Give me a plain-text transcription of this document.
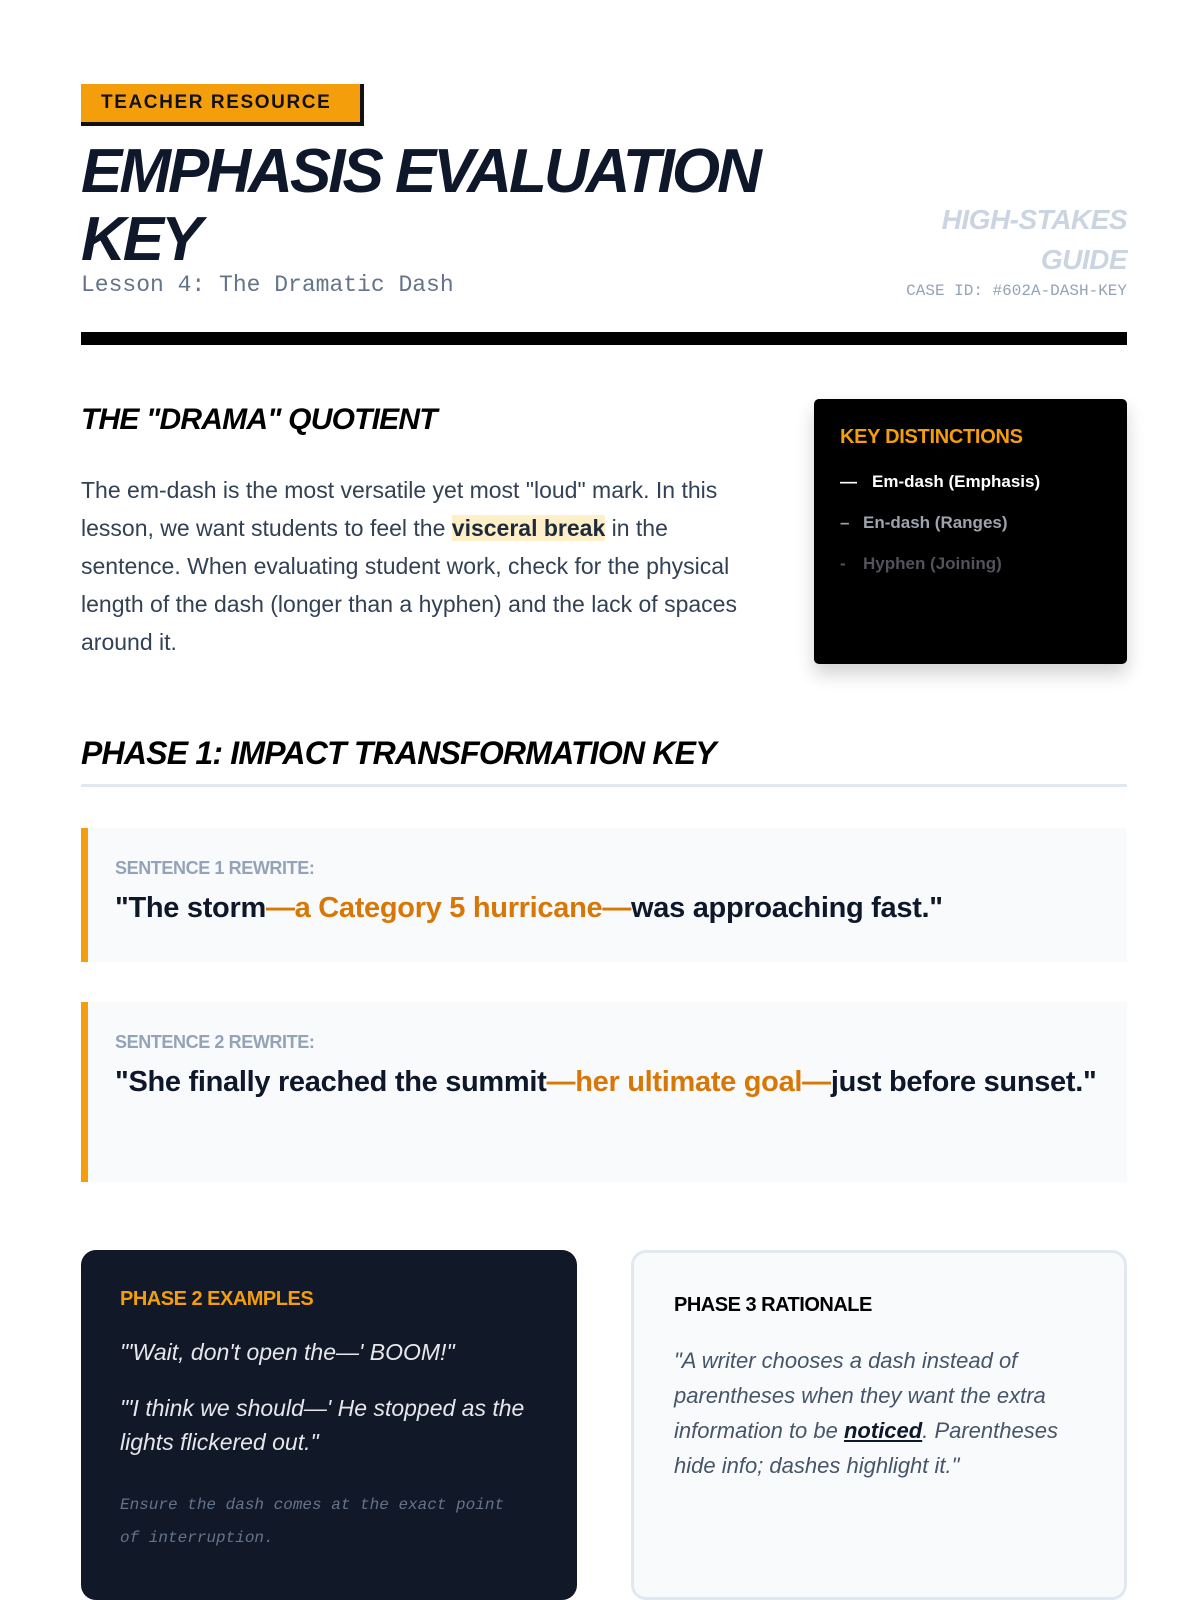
TEACHER RESOURCE
EMPHASIS EVALUATION KEY
Lesson 4: The Dramatic Dash
HIGH-STAKES GUIDE
CASE ID: #602A-DASH-KEY
THE "DRAMA" QUOTIENT

The em-dash is the most versatile yet most "loud" mark. In this lesson, we want students to feel the visceral break in the sentence. When evaluating student work, check for the physical length of the dash (longer than a hyphen) and the lack of spaces around it.

KEY DISTINCTIONS
— Em-dash (Emphasis)
– En-dash (Ranges)
- Hyphen (Joining)
PHASE 1: IMPACT TRANSFORMATION KEY
SENTENCE 1 REWRITE:
"The storm—a Category 5 hurricane—was approaching fast."
SENTENCE 2 REWRITE:
"She finally reached the summit—her ultimate goal—just before sunset."
PHASE 2 EXAMPLES
"'Wait, don't open the—' BOOM!"
"'I think we should—' He stopped as the lights flickered out."
Ensure the dash comes at the exact point of interruption.
PHASE 3 RATIONALE
"A writer chooses a dash instead of parentheses when they want the extra information to be noticed. Parentheses hide info; dashes highlight it."
